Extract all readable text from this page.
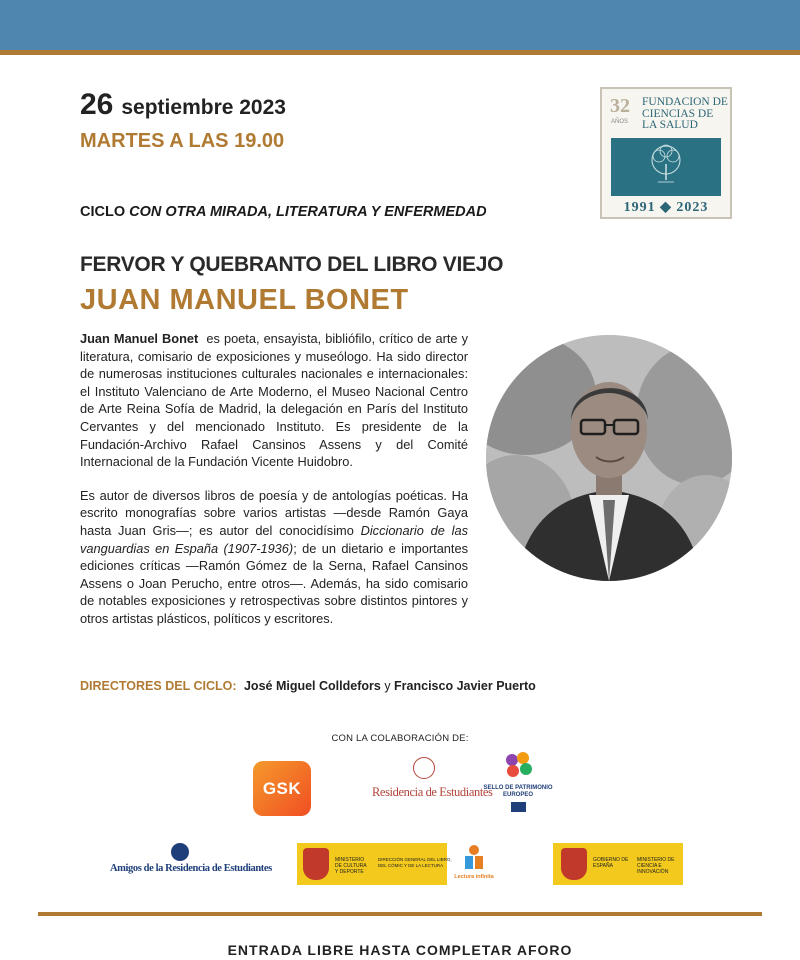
26 septiembre 2023
MARTES A LAS 19.00
32
AÑOS
FUNDACION DE CIENCIAS DE LA SALUD
1991 ◆ 2023
CICLO CON OTRA MIRADA, LITERATURA Y ENFERMEDAD
FERVOR Y QUEBRANTO DEL LIBRO VIEJO
JUAN MANUEL BONET

Juan Manuel Bonet es poeta, ensayista, bibliófilo, crítico de arte y literatura, comisario de exposiciones y museólogo. Ha sido director de numerosas instituciones culturales nacionales e internacionales: el Instituto Valenciano de Arte Moderno, el Museo Nacional Centro de Arte Reina Sofía de Madrid, la delegación en París del Instituto Cervantes y del mencionado Instituto. Es presidente de la Fundación-Archivo Rafael Cansinos Assens y del Comité Internacional de la Fundación Vicente Huidobro.

Es autor de diversos libros de poesía y de antologías poéticas. Ha escrito monografías sobre varios artistas —desde Ramón Gaya hasta Juan Gris—; es autor del conocidísimo Diccionario de las vanguardias en España (1907-1936); de un dietario e importantes ediciones críticas —Ramón Gómez de la Serna, Rafael Cansinos Assens o Joan Perucho, entre otros—. Además, ha sido comisario de notables exposiciones y retrospectivas sobre distintos pintores y otros artistas plásticos, políticos y escritores.

DIRECTORES DEL CICLO: José Miguel Colldefors y Francisco Javier Puerto
CON LA COLABORACIÓN DE:
GSK	Residencia de Estudiantes
SELLO DE PATRIMONIO EUROPEO
Amigos de la Residencia de Estudiantes
MINISTERIO DE CULTURA Y DEPORTE
DIRECCIÓN GENERAL DEL LIBRO, DEL CÓMIC Y DE LA LECTURA
Lectura infinita
GOBIERNO DE ESPAÑA
MINISTERIO DE CIENCIA E INNOVACIÓN
ENTRADA LIBRE HASTA COMPLETAR AFORO
